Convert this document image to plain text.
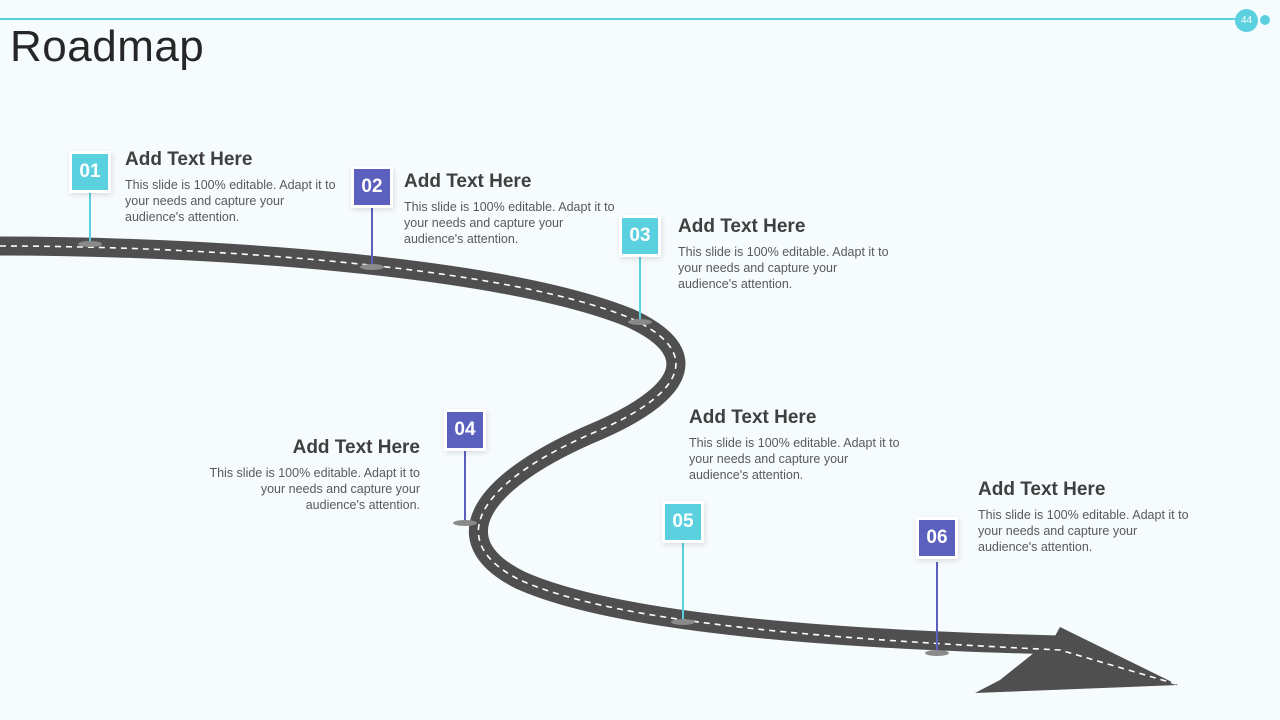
44
Roadmap
01
02
03
04
05
06
Add Text Here

This slide is 100% editable. Adapt it to your needs and capture your audience's attention.

Add Text Here

This slide is 100% editable. Adapt it to your needs and capture your audience's attention.

Add Text Here

This slide is 100% editable. Adapt it to your needs and capture your audience's attention.

Add Text Here

This slide is 100% editable. Adapt it to your needs and capture your audience's attention.

Add Text Here

This slide is 100% editable. Adapt it to your needs and capture your audience's attention.

Add Text Here

This slide is 100% editable. Adapt it to your needs and capture your audience's attention.
